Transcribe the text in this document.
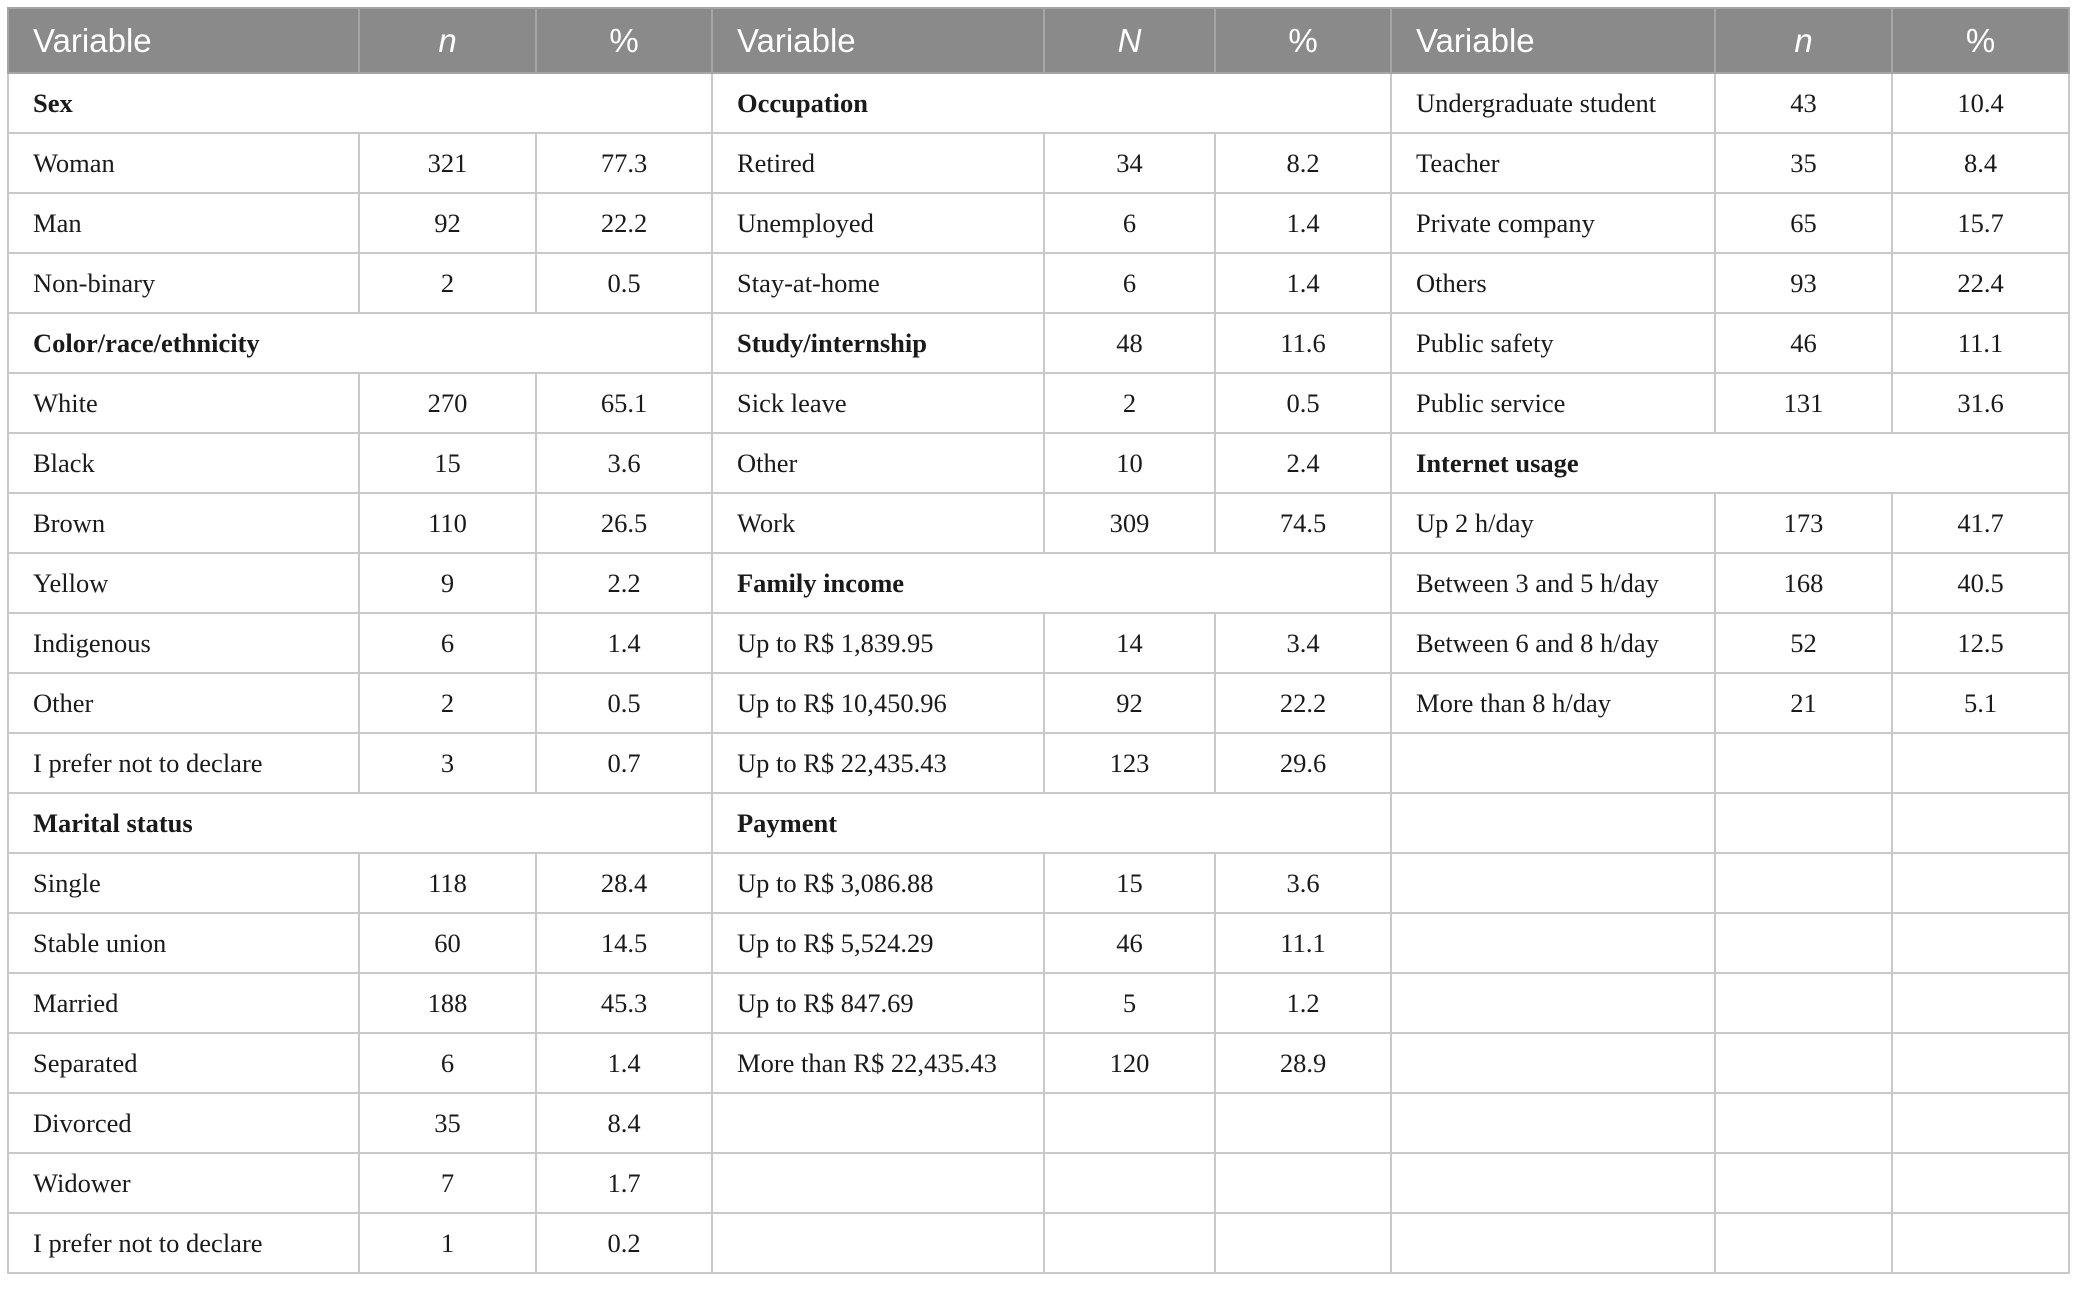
Variable	n	%	Variable	N	%	Variable	n	%
Sex			Occupation			Undergraduate student	43	10.4
Woman	321	77.3	Retired	34	8.2	Teacher	35	8.4
Man	92	22.2	Unemployed	6	1.4	Private company	65	15.7
Non-binary	2	0.5	Stay-at-home	6	1.4	Others	93	22.4
Color/race/ethnicity			Study/internship	48	11.6	Public safety	46	11.1
White	270	65.1	Sick leave	2	0.5	Public service	131	31.6
Black	15	3.6	Other	10	2.4	Internet usage		
Brown	110	26.5	Work	309	74.5	Up 2 h/day	173	41.7
Yellow	9	2.2	Family income			Between 3 and 5 h/day	168	40.5
Indigenous	6	1.4	Up to R$ 1,839.95	14	3.4	Between 6 and 8 h/day	52	12.5
Other	2	0.5	Up to R$ 10,450.96	92	22.2	More than 8 h/day	21	5.1
I prefer not to declare	3	0.7	Up to R$ 22,435.43	123	29.6			
Marital status			Payment					
Single	118	28.4	Up to R$ 3,086.88	15	3.6			
Stable union	60	14.5	Up to R$ 5,524.29	46	11.1			
Married	188	45.3	Up to R$ 847.69	5	1.2			
Separated	6	1.4	More than R$ 22,435.43	120	28.9			
Divorced	35	8.4						
Widower	7	1.7						
I prefer not to declare	1	0.2						
